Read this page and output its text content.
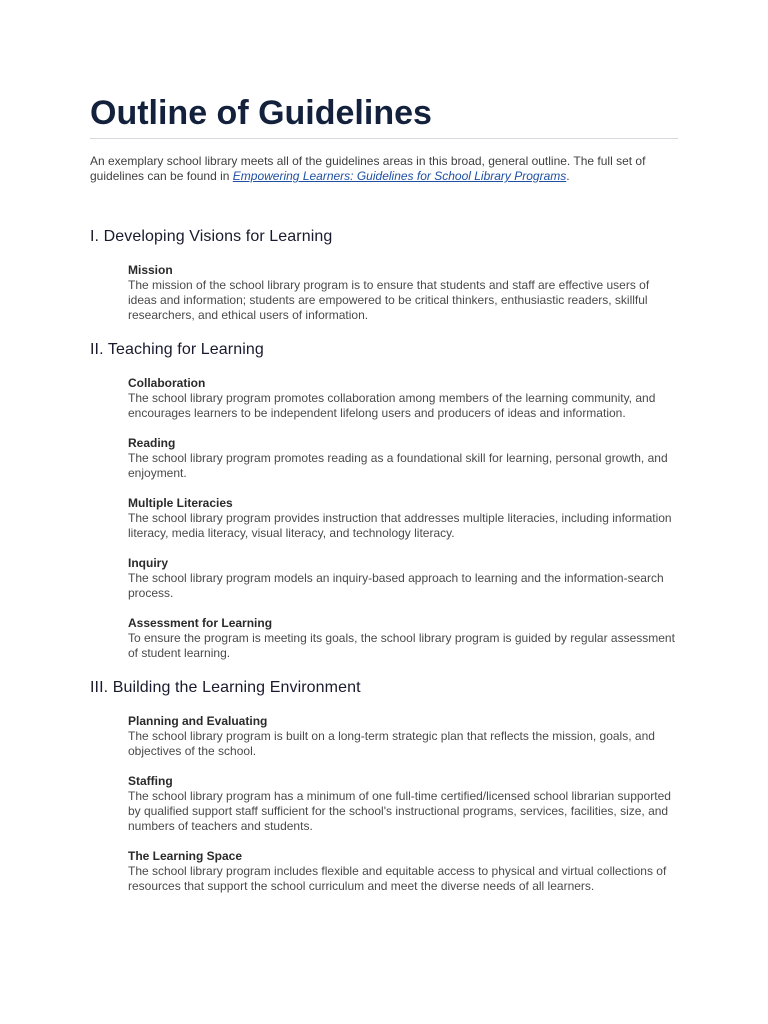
Outline of Guidelines

An exemplary school library meets all of the guidelines areas in this broad, general outline. The full set of guidelines can be found in Empowering Learners: Guidelines for School Library Programs.

I. Developing Visions for Learning
Mission
The mission of the school library program is to ensure that students and staff are effective users of ideas and information; students are empowered to be critical thinkers, enthusiastic readers, skillful researchers, and ethical users of information.
II. Teaching for Learning
Collaboration
The school library program promotes collaboration among members of the learning community, and encourages learners to be independent lifelong users and producers of ideas and information.
Reading
The school library program promotes reading as a foundational skill for learning, personal growth, and enjoyment.
Multiple Literacies
The school library program provides instruction that addresses multiple literacies, including information literacy, media literacy, visual literacy, and technology literacy.
Inquiry
The school library program models an inquiry-based approach to learning and the information-search process.
Assessment for Learning
To ensure the program is meeting its goals, the school library program is guided by regular assessment of student learning.
III. Building the Learning Environment
Planning and Evaluating
The school library program is built on a long-term strategic plan that reflects the mission, goals, and objectives of the school.
Staffing
The school library program has a minimum of one full-time certified/licensed school librarian supported by qualified support staff sufficient for the school's instructional programs, services, facilities, size, and numbers of teachers and students.
The Learning Space
The school library program includes flexible and equitable access to physical and virtual collections of resources that support the school curriculum and meet the diverse needs of all learners.
